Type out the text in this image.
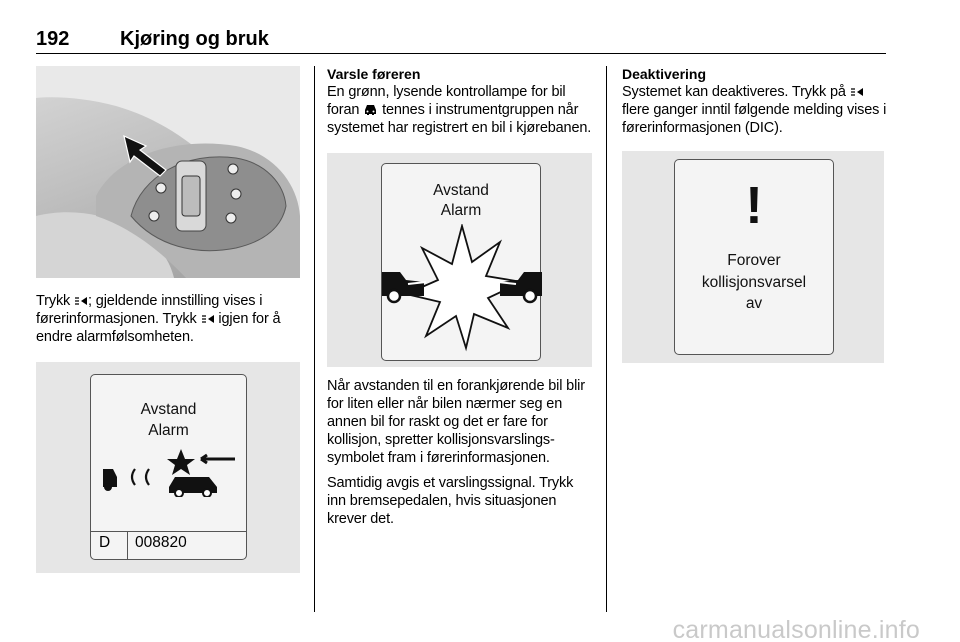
192	Kjøring og bruk

Trykk ; gjeldende innstilling vises i førerinformasjonen. Trykk  igjen for å endre alarmfølsomheten.

Avstand
Alarm
D 008820
Varsle føreren

En grønn, lysende kontrollampe for bil foran  tennes i instrumentgruppen når systemet har registrert en bil i kjørebanen.

Avstand
Alarm

Når avstanden til en forankjørende bil blir for liten eller når bilen nærmer seg en annen bil for raskt og det er fare for kollisjon, spretter kollisjonsvarslingssymbolet fram i førerinformasjonen.

Samtidig avgis et varslingssignal. Trykk inn bremsepedalen, hvis situasjonen krever det.

Deaktivering

Systemet kan deaktiveres. Trykk på  flere ganger inntil følgende melding vises i førerinformasjonen (DIC).

!
Forover
kollisjonsvarsel
av
carmanualsonline.info
